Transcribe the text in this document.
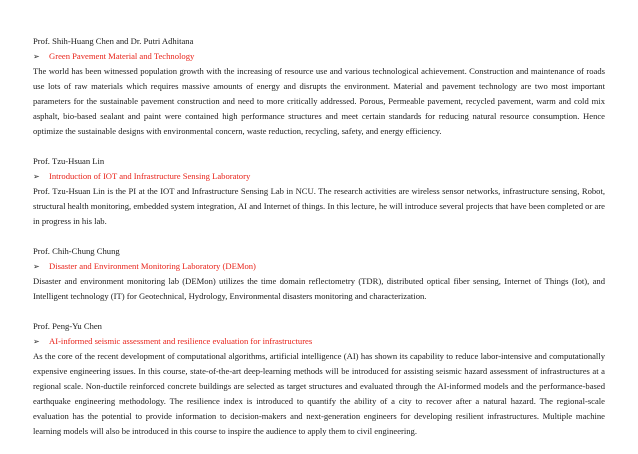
Prof. Shih-Huang Chen and Dr. Putri Adhitana
➢	Green Pavement Material and Technology
The world has been witnessed population growth with the increasing of resource use and various technological achievement. Construction and maintenance of roads use lots of raw materials which requires massive amounts of energy and disrupts the environment. Material and pavement technology are two most important parameters for the sustainable pavement construction and need to more critically addressed. Porous, Permeable pavement, recycled pavement, warm and cold mix asphalt, bio-based sealant and paint were contained high performance structures and meet certain standards for reducing natural resource consumption. Hence optimize the sustainable designs with environmental concern, waste reduction, recycling, safety, and energy efficiency.
Prof. Tzu-Hsuan Lin
➢	Introduction of IOT and Infrastructure Sensing Laboratory
Prof. Tzu-Hsuan Lin is the PI at the IOT and Infrastructure Sensing Lab in NCU. The research activities are wireless sensor networks, infrastructure sensing, Robot, structural health monitoring, embedded system integration, AI and Internet of things. In this lecture, he will introduce several projects that have been completed or are in progress in his lab.
Prof. Chih-Chung Chung
➢	Disaster and Environment Monitoring Laboratory (DEMon)
Disaster and environment monitoring lab (DEMon) utilizes the time domain reflectometry (TDR), distributed optical fiber sensing, Internet of Things (Iot), and Intelligent technology (IT) for Geotechnical, Hydrology, Environmental disasters monitoring and characterization.
Prof. Peng-Yu Chen
➢	AI-informed seismic assessment and resilience evaluation for infrastructures
As the core of the recent development of computational algorithms, artificial intelligence (AI) has shown its capability to reduce labor-intensive and computationally expensive engineering issues. In this course, state-of-the-art deep-learning methods will be introduced for assisting seismic hazard assessment of infrastructures at a regional scale. Non-ductile reinforced concrete buildings are selected as target structures and evaluated through the AI-informed models and the performance-based earthquake engineering methodology. The resilience index is introduced to quantify the ability of a city to recover after a natural hazard. The regional-scale evaluation has the potential to provide information to decision-makers and next-generation engineers for developing resilient infrastructures. Multiple machine learning models will also be introduced in this course to inspire the audience to apply them to civil engineering.
